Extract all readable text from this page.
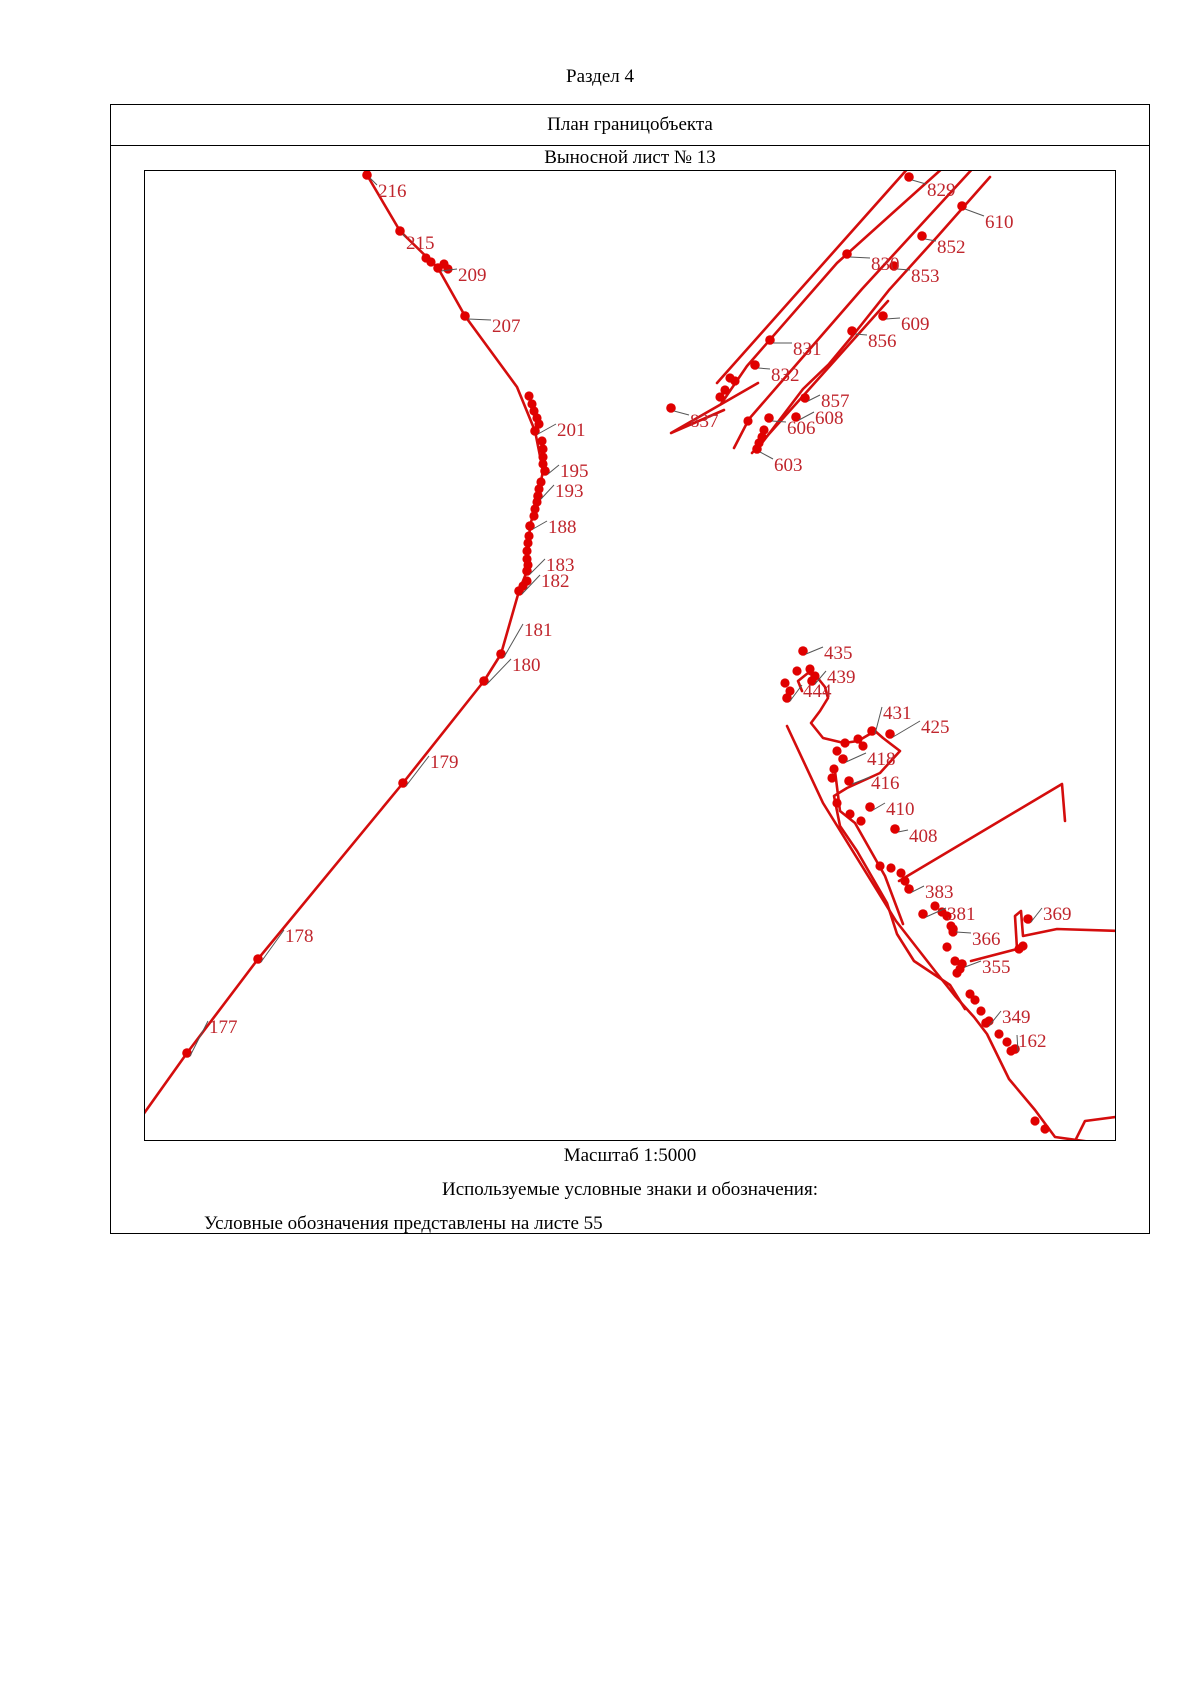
Раздел 4
План границобъекта
Выносной лист № 13
216
215
209
207
201
195
193
188
183
182
181
180
179
178
177
829
610
830
852
853
609
831 856
832
857
608
606
837
603
435
439
444
431
425
418
416
410
408
383
381	369
366
355
349
162
Масштаб 1:5000
Используемые условные знаки и обозначения:
Условные обозначения представлены на листе 55
